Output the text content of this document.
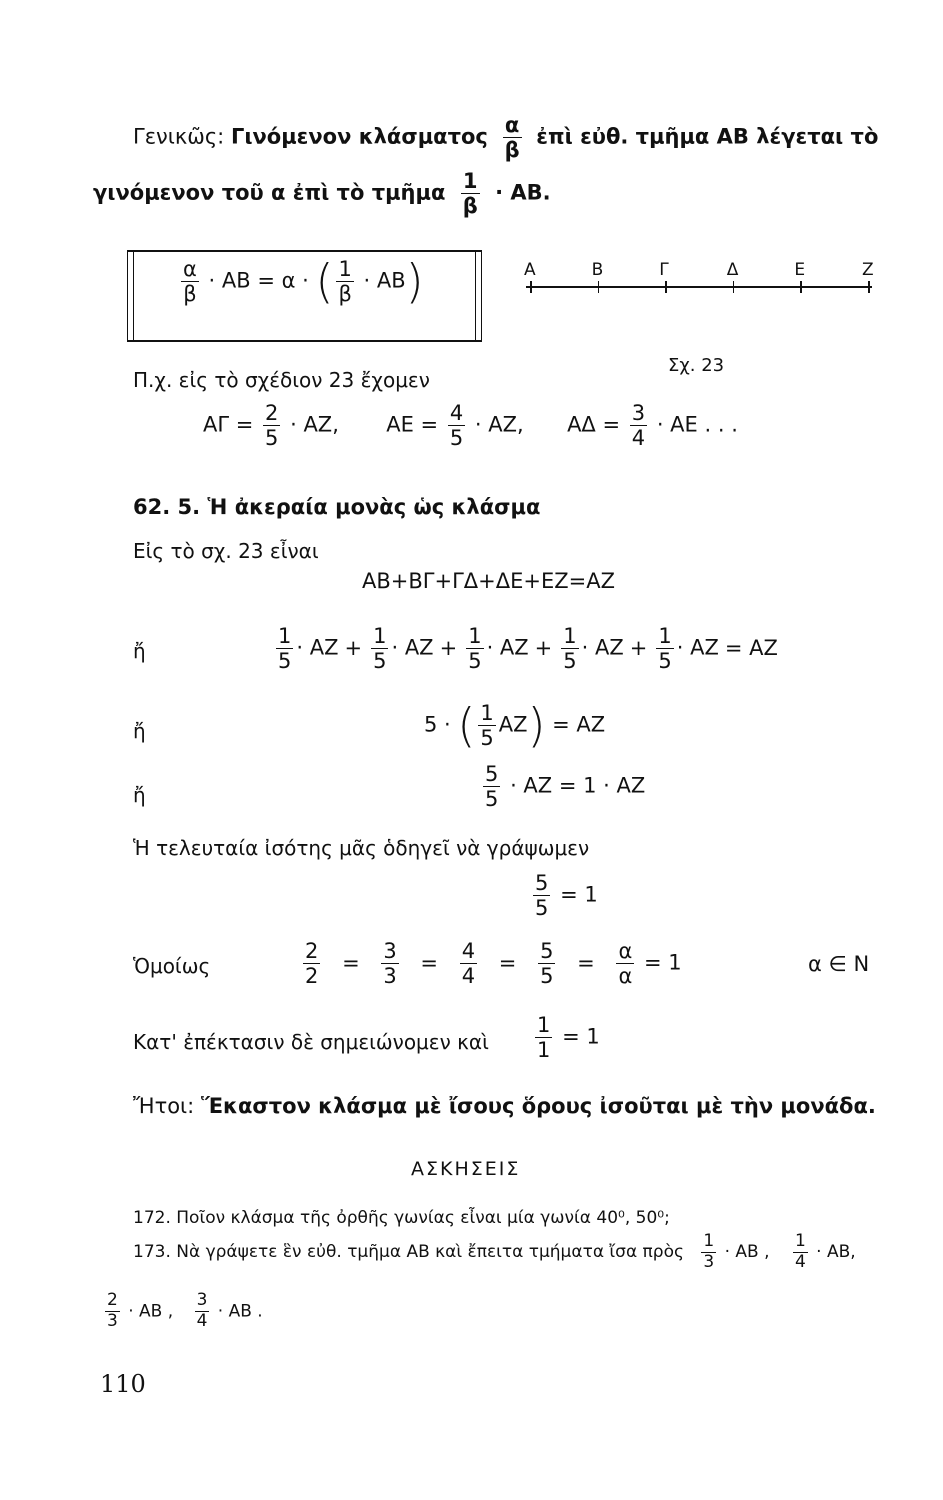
Γενικῶς: Γινόμενον κλάσματος $\frac{\alpha}{\beta}$ ἐπὶ εὐθ. τμῆμα ΑΒ λέγεται τὸ
γινόμενον τοῦ α ἐπὶ τὸ τμῆμα $\frac{1}{\beta} \cdot AB$.
$\frac{\alpha}{\beta}$ · AB = α · ( $\frac{1}{\beta} \cdot AB$)	A	B	Γ	Δ	E	Z
Σχ. 23
Π.χ. εἰς τὸ σχέδιον 23 ἔχομεν
$A\Gamma = \frac{2}{5} \cdot AZ$, $AE = \frac{4}{5} \cdot AZ$, $A\Delta = \frac{3}{4} \cdot AE$ . . .
62. 5. Ἡ ἀκεραία μονὰς ὡς κλάσμα
Εἰς τὸ σχ. 23 εἶναι
ΑΒ+ΒΓ+ΓΔ+ΔΕ+ΕΖ=ΑΖ
ἤ	$\frac{1}{5} \cdot AZ + \frac{1}{5} \cdot AZ + \frac{1}{5} \cdot AZ + \frac{1}{5} \cdot AZ + \frac{1}{5} \cdot AZ = AZ$
ἤ	5 · ( $\frac{1}{5} AZ) = AZ$
ἤ	$\frac{5}{5} \cdot AZ = 1 \cdot AZ$
Ἡ τελευταία ἰσότης μᾶς ὁδηγεῖ νὰ γράψωμεν
$\frac{5}{5} = 1$
Ὁμοίως	$\frac{2}{2} = \frac{3}{3} = \frac{4}{4} = \frac{5}{5} = \frac{\alpha}{\alpha} = 1$	α ∈ N
Κατ' ἐπέκτασιν δὲ σημειώνομεν καὶ $\frac{1}{1} = 1$
Ἤτοι: Ἕκαστον κλάσμα μὲ ἴσους ὅρους ἰσοῦται μὲ τὴν μονάδα.
ΑΣΚΗΣΕΙΣ
172. Ποῖον κλάσμα τῆς ὀρθῆς γωνίας εἶναι μία γωνία 40⁰, 50⁰;
173. Νὰ γράψετε ἓν εὐθ. τμῆμα ΑΒ καὶ ἔπειτα τμήματα ἴσα πρὸς $\frac{1}{3} \cdot AB$ , $\frac{1}{4} \cdot AB$,
$\frac{2}{3} \cdot AB$ , $\frac{3}{4} \cdot AB$ .
110
